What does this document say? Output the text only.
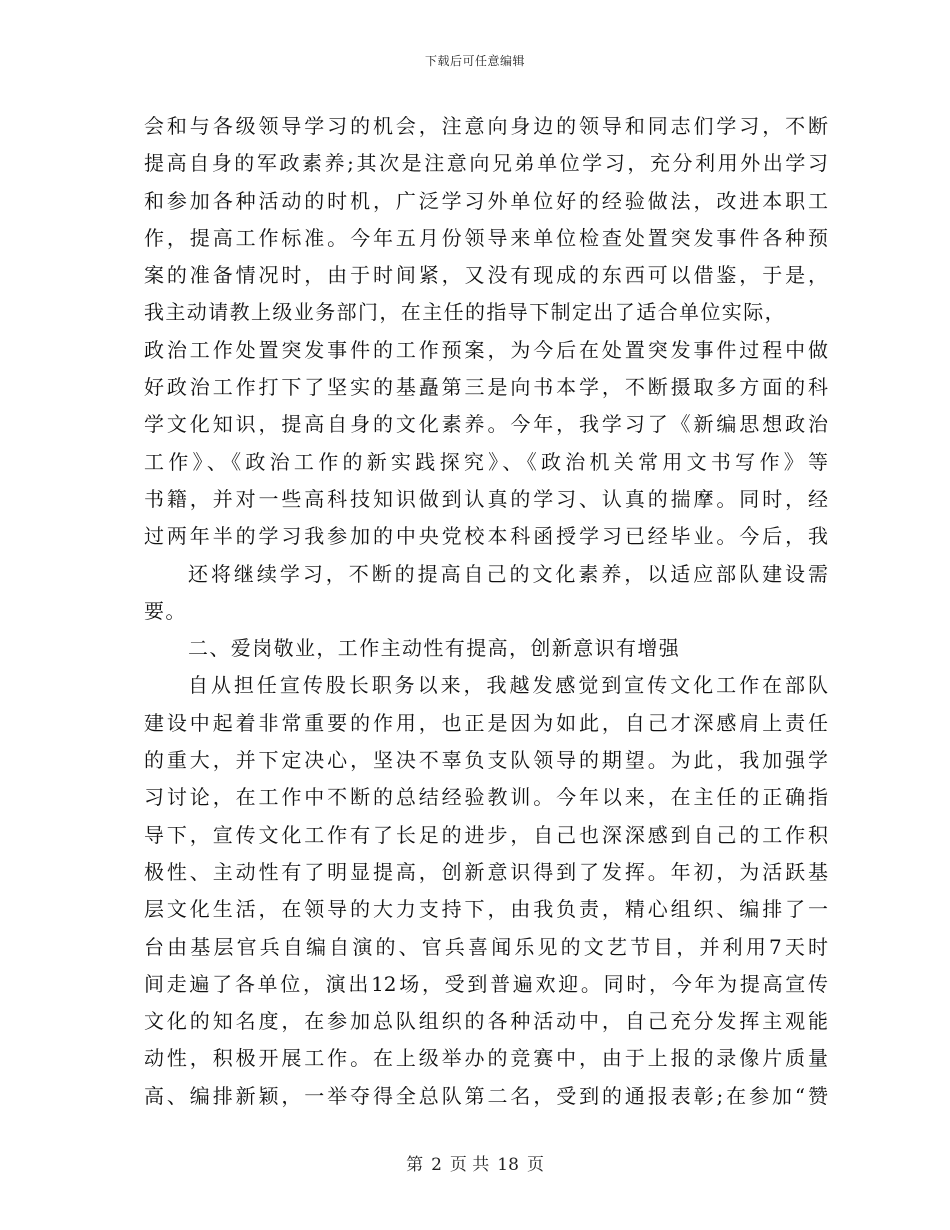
下载后可任意编辑
会和与各级领导学习的机会，注意向身边的领导和同志们学习，不断
提高自身的军政素养;其次是注意向兄弟单位学习，充分利用外出学习
和参加各种活动的时机，广泛学习外单位好的经验做法，改进本职工
作，提高工作标准。今年五月份领导来单位检查处置突发事件各种预
案的准备情况时，由于时间紧，又没有现成的东西可以借鉴，于是，
我主动请教上级业务部门，在主任的指导下制定出了适合单位实际，
政治工作处置突发事件的工作预案，为今后在处置突发事件过程中做
好政治工作打下了坚实的基矗第三是向书本学，不断摄取多方面的科
学文化知识，提高自身的文化素养。今年，我学习了《新编思想政治
工作》、《政治工作的新实践探究》、《政治机关常用文书写作》等
书籍，并对一些高科技知识做到认真的学习、认真的揣摩。同时，经
过两年半的学习我参加的中央党校本科函授学习已经毕业。今后，我
还将继续学习，不断的提高自己的文化素养，以适应部队建设需
要。
二、爱岗敬业，工作主动性有提高，创新意识有增强
自从担任宣传股长职务以来，我越发感觉到宣传文化工作在部队
建设中起着非常重要的作用，也正是因为如此，自己才深感肩上责任
的重大，并下定决心，坚决不辜负支队领导的期望。为此，我加强学
习讨论，在工作中不断的总结经验教训。今年以来，在主任的正确指
导下，宣传文化工作有了长足的进步，自己也深深感到自己的工作积
极性、主动性有了明显提高，创新意识得到了发挥。年初，为活跃基
层文化生活，在领导的大力支持下，由我负责，精心组织、编排了一
台由基层官兵自编自演的、官兵喜闻乐见的文艺节目，并利用7天时
间走遍了各单位，演出12场，受到普遍欢迎。同时，今年为提高宣传
文化的知名度，在参加总队组织的各种活动中，自己充分发挥主观能
动性，积极开展工作。在上级举办的竞赛中，由于上报的录像片质量
高、编排新颖，一举夺得全总队第二名，受到的通报表彰;在参加“赞
第 2 页 共 18 页
